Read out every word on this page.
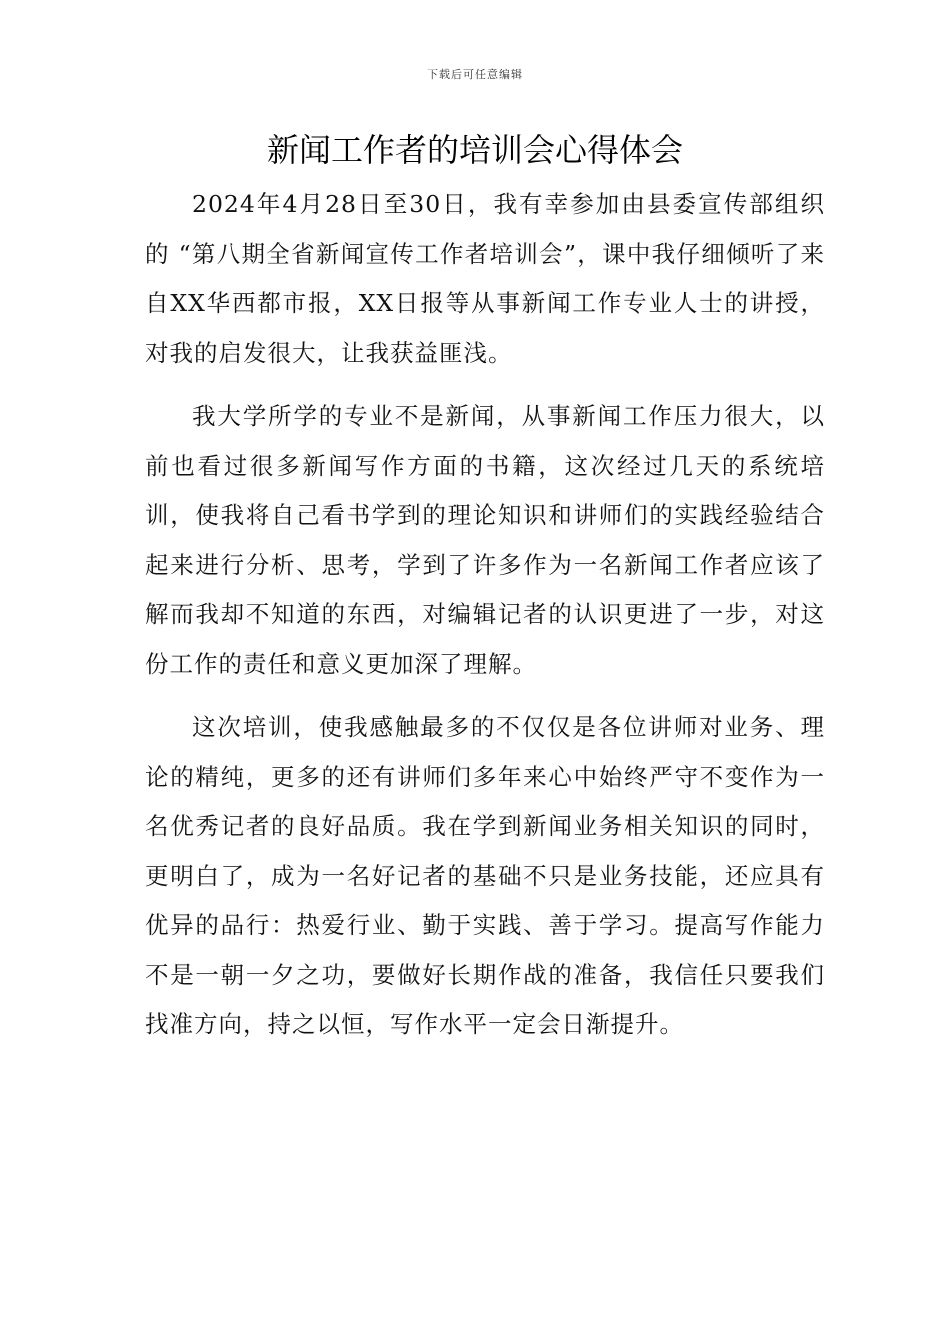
下载后可任意编辑
新闻工作者的培训会心得体会

2024年4月28日至30日，我有幸参加由县委宣传部组织的 “第八期全省新闻宣传工作者培训会”，课中我仔细倾听了来自XX华西都市报，XX日报等从事新闻工作专业人士的讲授，对我的启发很大，让我获益匪浅。

我大学所学的专业不是新闻，从事新闻工作压力很大，以前也看过很多新闻写作方面的书籍，这次经过几天的系统培训，使我将自己看书学到的理论知识和讲师们的实践经验结合起来进行分析、思考，学到了许多作为一名新闻工作者应该了解而我却不知道的东西，对编辑记者的认识更进了一步，对这份工作的责任和意义更加深了理解。

这次培训，使我感触最多的不仅仅是各位讲师对业务、理论的精纯，更多的还有讲师们多年来心中始终严守不变作为一名优秀记者的良好品质。我在学到新闻业务相关知识的同时，更明白了，成为一名好记者的基础不只是业务技能，还应具有优异的品行：热爱行业、勤于实践、善于学习。提高写作能力不是一朝一夕之功，要做好长期作战的准备，我信任只要我们找准方向，持之以恒，写作水平一定会日渐提升。
